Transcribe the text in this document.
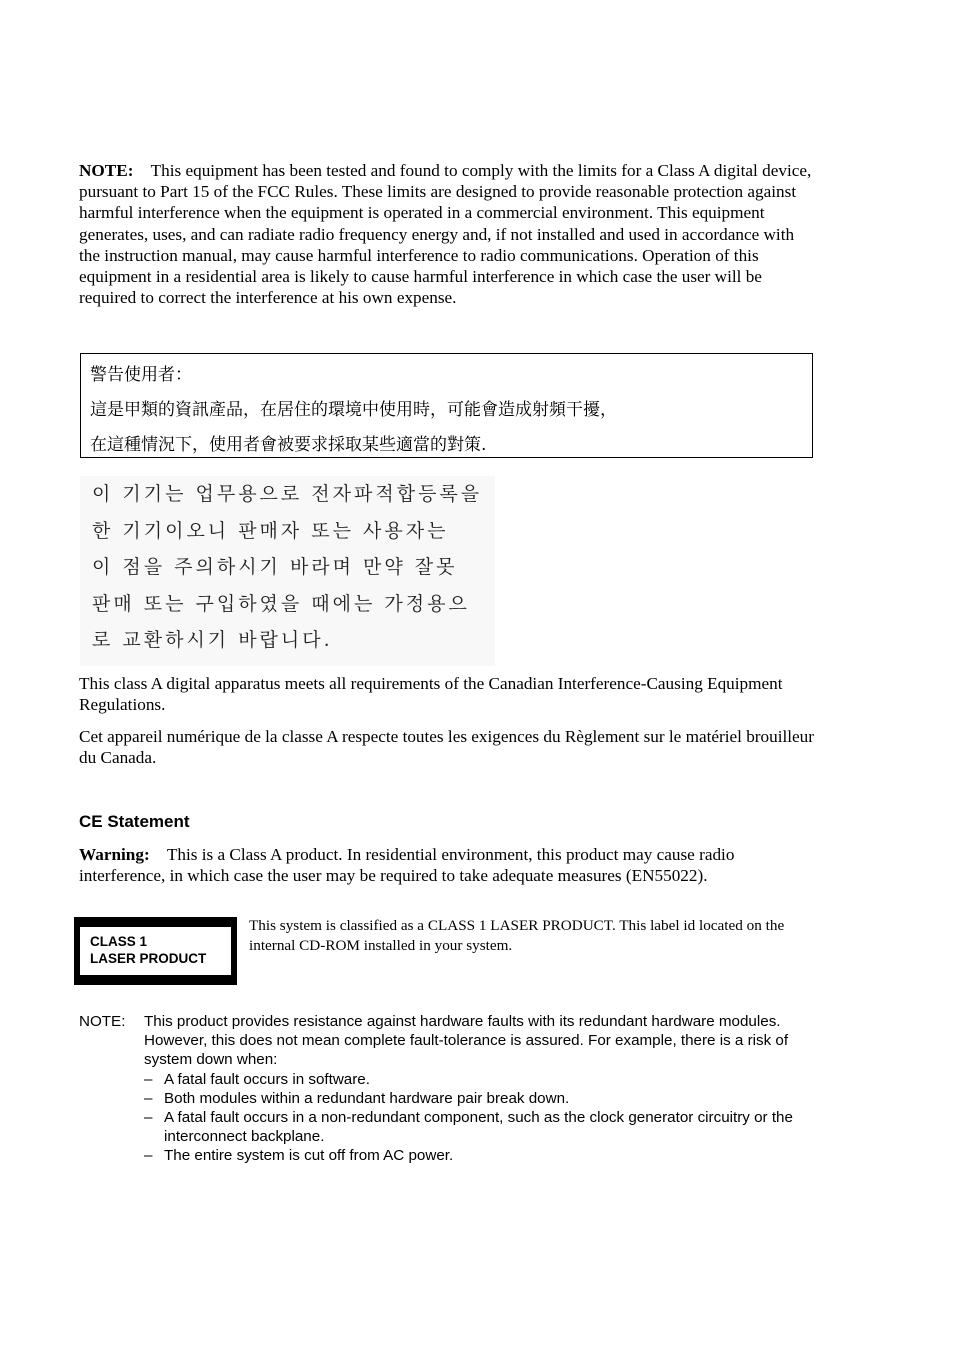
NOTE: This equipment has been tested and found to comply with the limits for a Class A digital device, pursuant to Part 15 of the FCC Rules. These limits are designed to provide reasonable protection against harmful interference when the equipment is operated in a commercial environment. This equipment generates, uses, and can radiate radio frequency energy and, if not installed and used in accordance with the instruction manual, may cause harmful interference to radio communications. Operation of this equipment in a residential area is likely to cause harmful interference in which case the user will be required to correct the interference at his own expense.
警告使用者：
這是甲類的資訊產品，在居住的環境中使用時，可能會造成射頻干擾，
在這種情況下，使用者會被要求採取某些適當的對策.
이 기기는 업무용으로 전자파적합등록을
한 기기이오니 판매자 또는 사용자는
이 점을 주의하시기 바라며 만약 잘못
판매 또는 구입하였을 때에는 가정용으
로 교환하시기 바랍니다.
This class A digital apparatus meets all requirements of the Canadian Interference-Causing Equipment Regulations.
Cet appareil numérique de la classe A respecte toutes les exigences du Règlement sur le matériel brouilleur du Canada.
CE Statement
Warning: This is a Class A product. In residential environment, this product may cause radio interference, in which case the user may be required to take adequate measures (EN55022).
CLASS 1
LASER PRODUCT
This system is classified as a CLASS 1 LASER PRODUCT. This label id located on the internal CD-ROM installed in your system.
NOTE: This product provides resistance against hardware faults with its redundant hardware modules. However, this does not mean complete fault-tolerance is assured. For example, there is a risk of system down when:
– A fatal fault occurs in software.
– Both modules within a redundant hardware pair break down.
– A fatal fault occurs in a non-redundant component, such as the clock generator circuitry or the interconnect backplane.
– The entire system is cut off from AC power.
